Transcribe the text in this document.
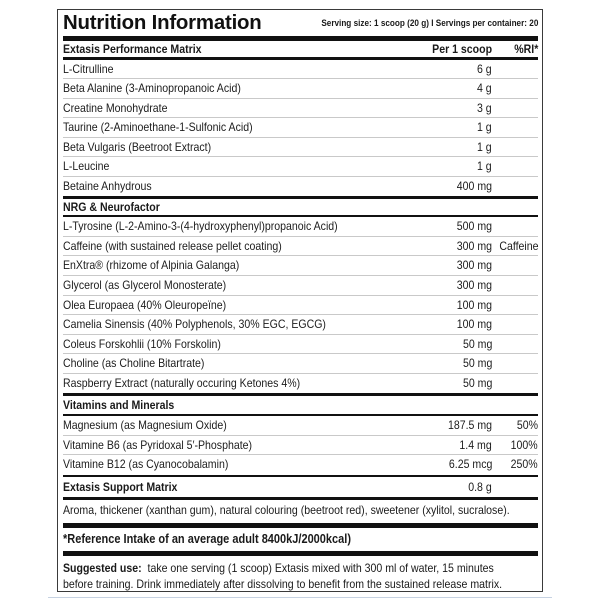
Nutrition Information	Serving size: 1 scoop (20 g) I Servings per container: 20
Extasis Performance Matrix	Per 1 scoop %RI*
L-Citrulline	6 g
Beta Alanine (3-Aminopropanoic Acid)	4 g
Creatine Monohydrate	3 g
Taurine (2-Aminoethane-1-Sulfonic Acid)	1 g
Beta Vulgaris (Beetroot Extract)	1 g
L-Leucine	1 g
Betaine Anhydrous	400 mg
NRG & Neurofactor
L-Tyrosine (L-2-Amino-3-(4-hydroxyphenyl)propanoic Acid)	500 mg
Caffeine (with sustained release pellet coating)	300 mg Caffeine
EnXtra® (rhizome of Alpinia Galanga)	300 mg
Glycerol (as Glycerol Monosterate)	300 mg
Olea Europaea (40% Oleuropeïne)	100 mg
Camelia Sinensis (40% Polyphenols, 30% EGC, EGCG)	100 mg
Coleus Forskohlii (10% Forskolin)	50 mg
Choline (as Choline Bitartrate)	50 mg
Raspberry Extract (naturally occuring Ketones 4%)	50 mg
Vitamins and Minerals
Magnesium (as Magnesium Oxide)	187.5 mg 50%
Vitamine B6 (as Pyridoxal 5′-Phosphate)	1.4 mg 100%
Vitamine B12 (as Cyanocobalamin)	6.25 mcg 250%
Extasis Support Matrix	0.8 g
Aroma, thickener (xanthan gum), natural colouring (beetroot red), sweetener (xylitol, sucralose).
*Reference Intake of an average adult 8400kJ/2000kcal)
Suggested use: take one serving (1 scoop) Extasis mixed with 300 ml of water, 15 minutes
before training. Drink immediately after dissolving to benefit from the sustained release matrix.
